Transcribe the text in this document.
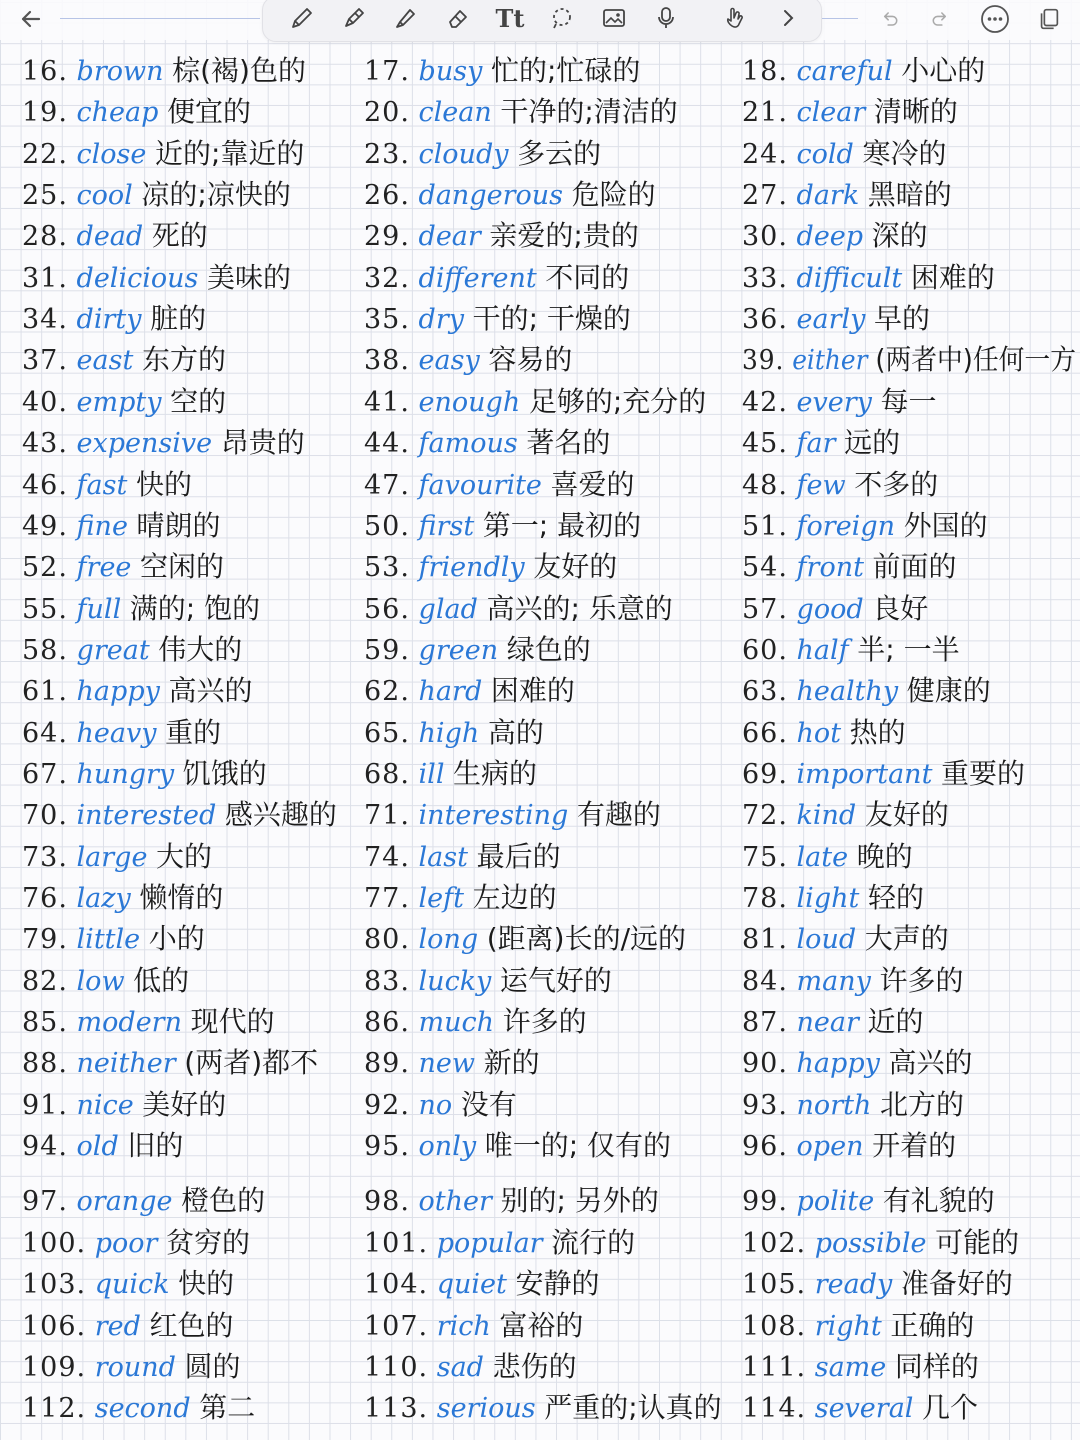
Tt
16. brown 棕(褐)色的 17. busy 忙的;忙碌的	18. careful 小心的
19. cheap 便宜的	20. clean 干净的;清洁的 21. clear 清晰的
22. close 近的;靠近的 23. cloudy 多云的	24. cold 寒冷的
25. cool 凉的;凉快的	26. dangerous 危险的	27. dark 黑暗的
28. dead 死的	29. dear 亲爱的;贵的	30. deep 深的
31. delicious 美味的	32. different 不同的	33. difficult 困难的
34. dirty 脏的	35. dry 干的; 干燥的	36. early 早的
37. east 东方的	38. easy 容易的	39. either (两者中)任何一方
40. empty 空的	41. enough 足够的;充分的 42. every 每一
43. expensive 昂贵的 44. famous 著名的	45. far 远的
46. fast 快的	47. favourite 喜爱的	48. few 不多的
49. fine 晴朗的	50. first 第一; 最初的	51. foreign 外国的
52. free 空闲的	53. friendly 友好的	54. front 前面的
55. full 满的; 饱的	56. glad 高兴的; 乐意的	57. good 良好
58. great 伟大的	59. green 绿色的	60. half 半; 一半
61. happy 高兴的	62. hard 困难的	63. healthy 健康的
64. heavy 重的	65. high 高的	66. hot 热的
67. hungry 饥饿的	68. ill 生病的	69. important 重要的
70. interested 感兴趣的 71. interesting 有趣的	72. kind 友好的
73. large 大的	74. last 最后的	75. late 晚的
76. lazy 懒惰的	77. left 左边的	78. light 轻的
79. little 小的	80. long (距离)长的/远的 81. loud 大声的
82. low 低的	83. lucky 运气好的	84. many 许多的
85. modern 现代的	86. much 许多的	87. near 近的
88. neither (两者)都不 89. new 新的	90. happy 高兴的
91. nice 美好的	92. no 没有	93. north 北方的
94. old 旧的	95. only 唯一的; 仅有的	96. open 开着的
97. orange 橙色的	98. other 别的; 另外的	99. polite 有礼貌的
100. poor 贫穷的	101. popular 流行的	102. possible 可能的
103. quick 快的	104. quiet 安静的	105. ready 准备好的
106. red 红色的	107. rich 富裕的	108. right 正确的
109. round 圆的	110. sad 悲伤的	111. same 同样的
112. second 第二	113. serious 严重的;认真的 114. several 几个
